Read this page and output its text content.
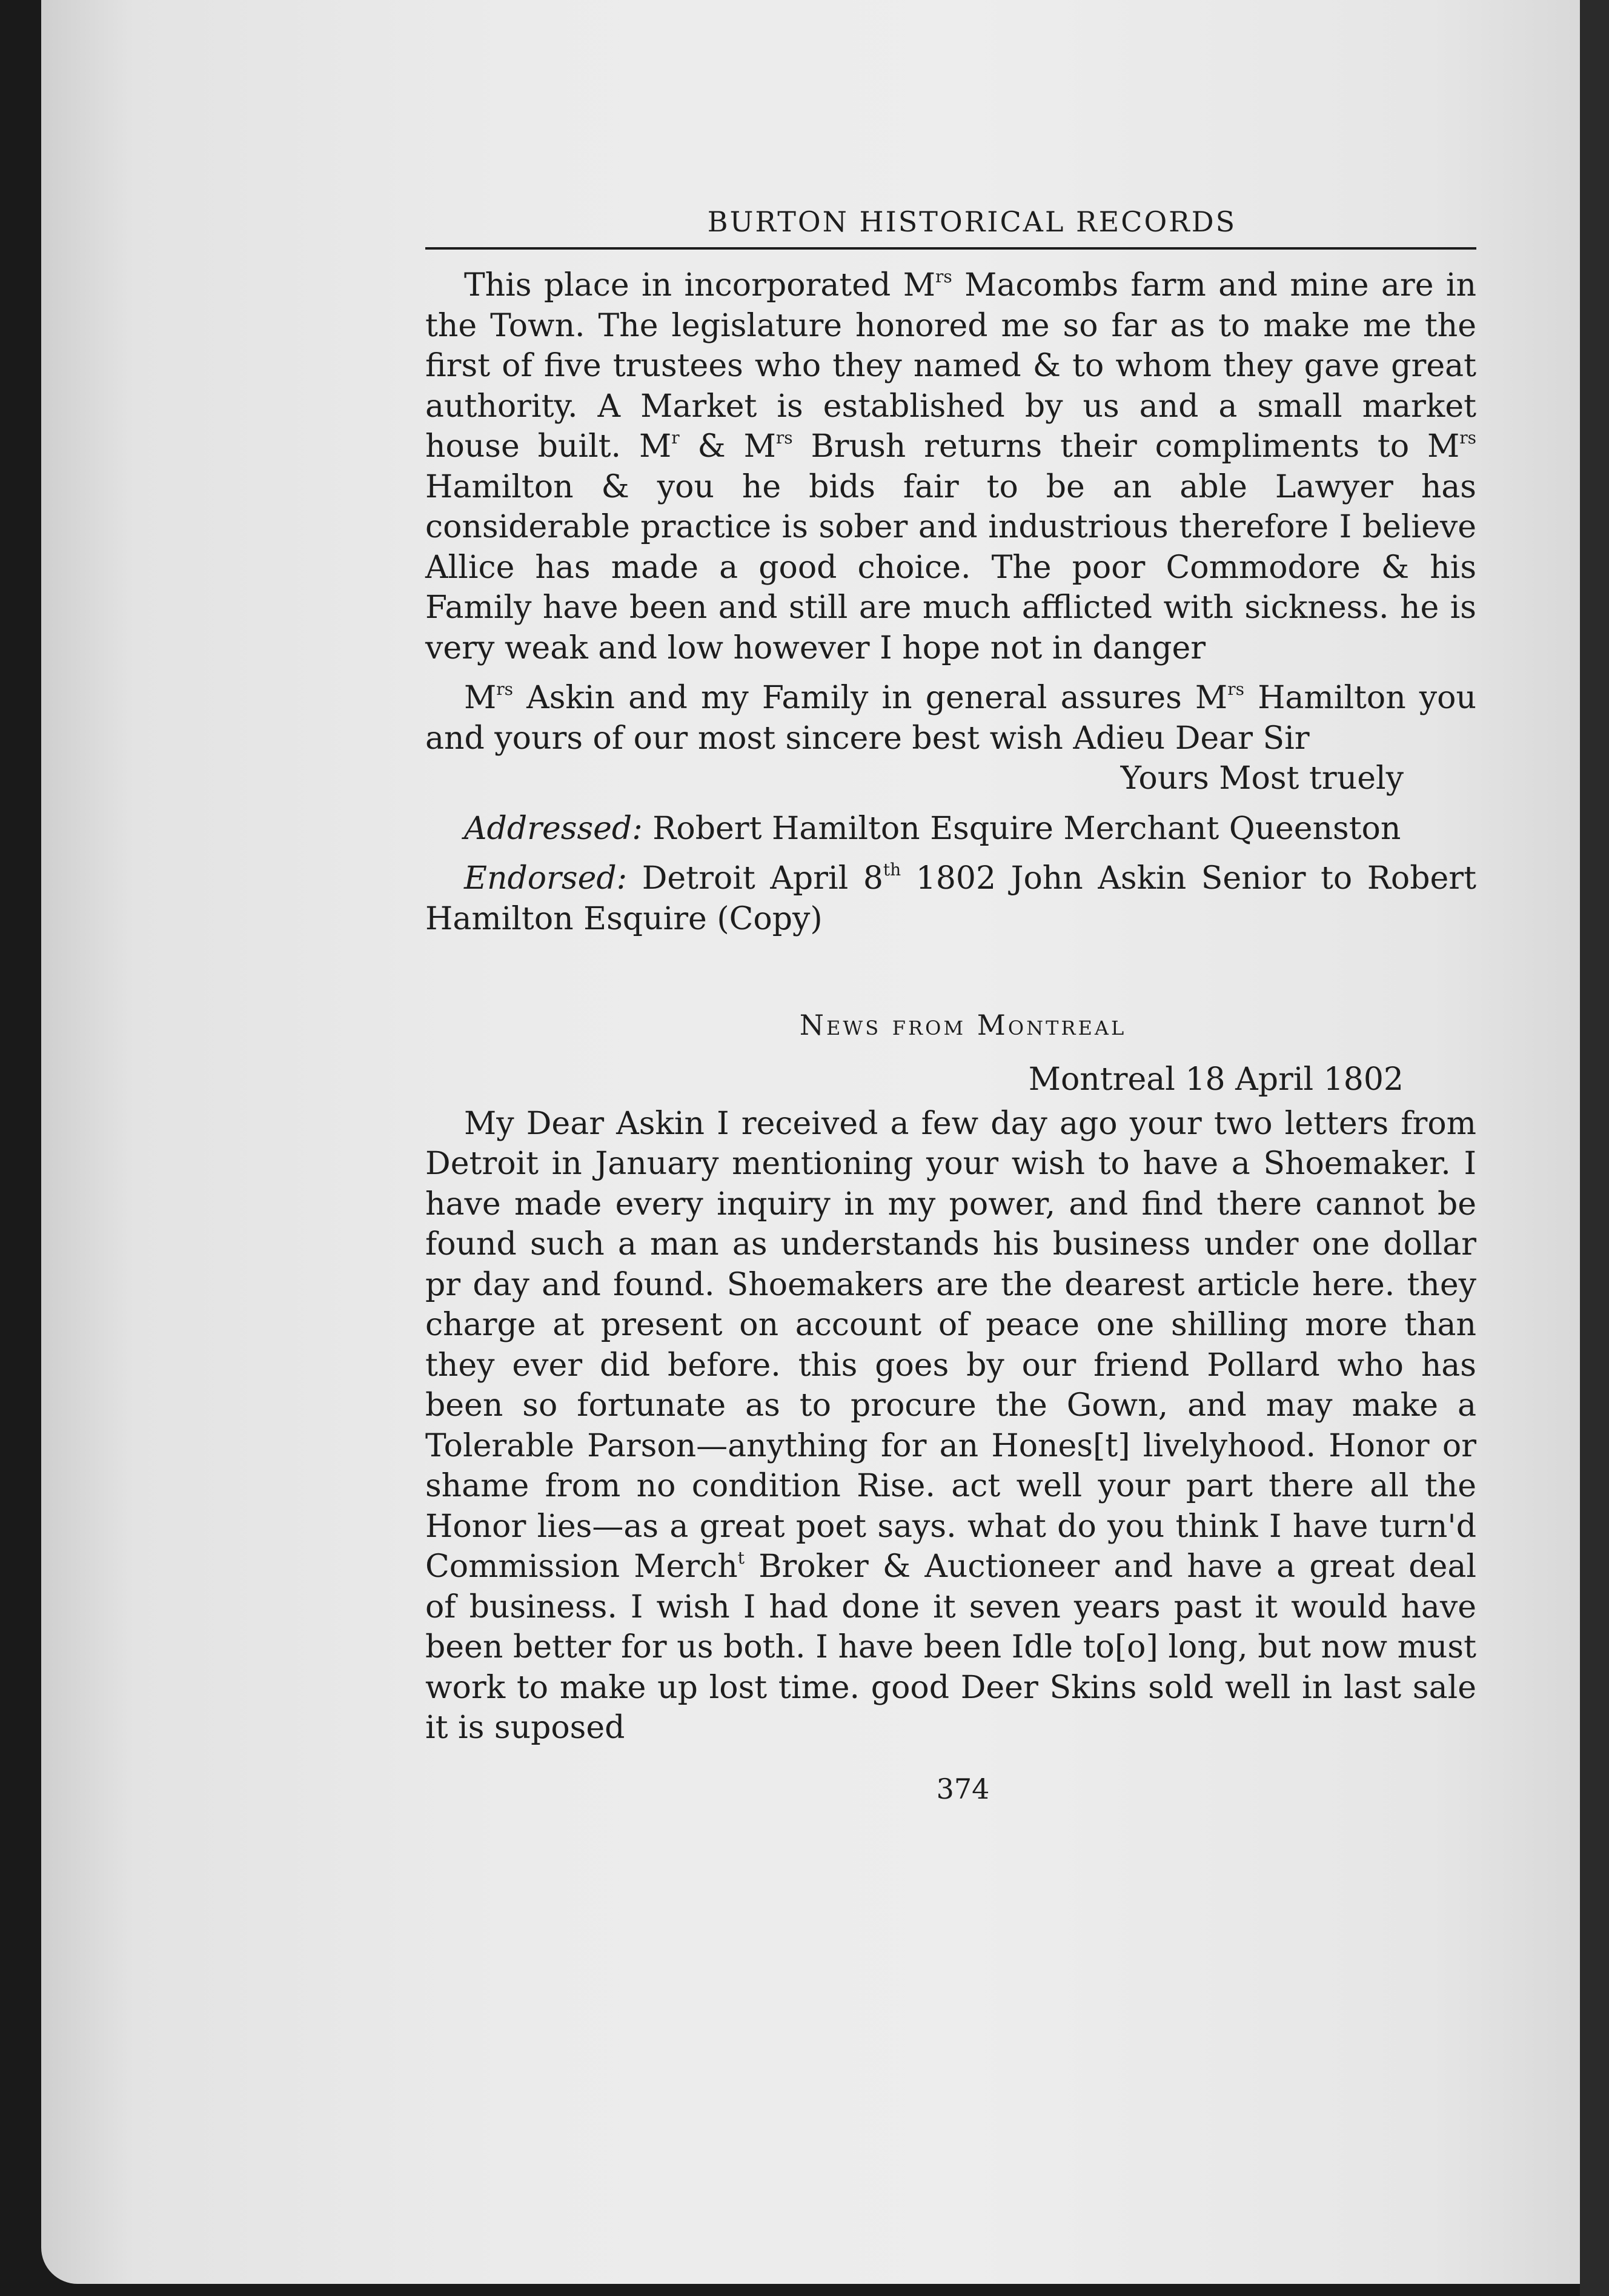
BURTON HISTORICAL RECORDS

This place in incorporated $M^{rs}$ Macombs farm and mine are in the Town. The legislature honored me so far as to make me the first of five trustees who they named & to whom they gave great authority. A Market is established by us and a small market house built. $M^r$ & $M^{rs}$ Brush returns their compliments to $M^{rs}$ Hamilton & you he bids fair to be an able Lawyer has considerable practice is sober and industrious therefore I believe Allice has made a good choice. The poor Commodore & his Family have been and still are much afflicted with sickness. he is very weak and low however I hope not in danger

$M^{rs}$ Askin and my Family in general assures $M^{rs}$ Hamilton you and yours of our most sincere best wish Adieu Dear Sir

Yours Most truely

Addressed: Robert Hamilton Esquire Merchant Queenston

Endorsed: Detroit April 8th 1802 John Askin Senior to Robert Hamilton Esquire (Copy)

News from Montreal

Montreal 18 April 1802

My Dear Askin I received a few day ago your two letters from Detroit in January mentioning your wish to have a Shoemaker. I have made every inquiry in my power, and find there cannot be found such a man as understands his business under one dollar pr day and found. Shoemakers are the dearest article here. they charge at present on account of peace one shilling more than they ever did before. this goes by our friend Pollard who has been so fortunate as to procure the Gown, and may make a Tolerable Parson—anything for an Hones[t] livelyhood. Honor or shame from no condition Rise. act well your part there all the Honor lies—as a great poet says. what do you think I have turn'd Commission Merch$^t$ Broker & Auctioneer and have a great deal of business. I wish I had done it seven years past it would have been better for us both. I have been Idle to[o] long, but now must work to make up lost time. good Deer Skins sold well in last sale it is suposed

374
